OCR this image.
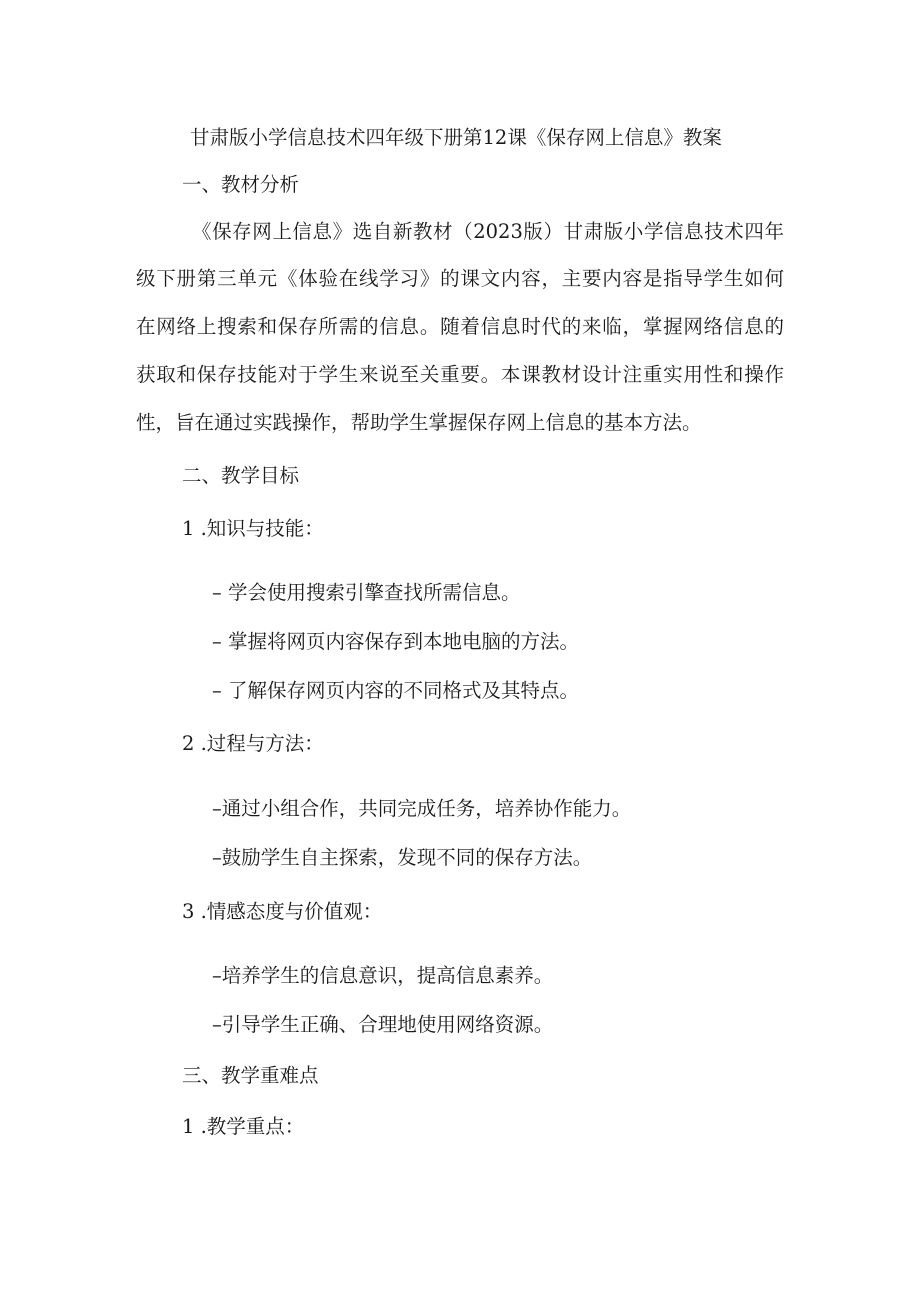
甘肃版小学信息技术四年级下册第12课《保存网上信息》教案
一、教材分析
《保存网上信息》选自新教材（2023版）甘肃版小学信息技术四年
级下册第三单元《体验在线学习》的课文内容，主要内容是指导学生如何
在网络上搜索和保存所需的信息。随着信息时代的来临，掌握网络信息的
获取和保存技能对于学生来说至关重要。本课教材设计注重实用性和操作
性，旨在通过实践操作，帮助学生掌握保存网上信息的基本方法。
二、教学目标
1 .知识与技能：
– 学会使用搜索引擎查找所需信息。
– 掌握将网页内容保存到本地电脑的方法。
– 了解保存网页内容的不同格式及其特点。
2 .过程与方法：
–通过小组合作，共同完成任务，培养协作能力。
–鼓励学生自主探索，发现不同的保存方法。
3 .情感态度与价值观：
–培养学生的信息意识，提高信息素养。
–引导学生正确、合理地使用网络资源。
三、教学重难点
1 .教学重点：
